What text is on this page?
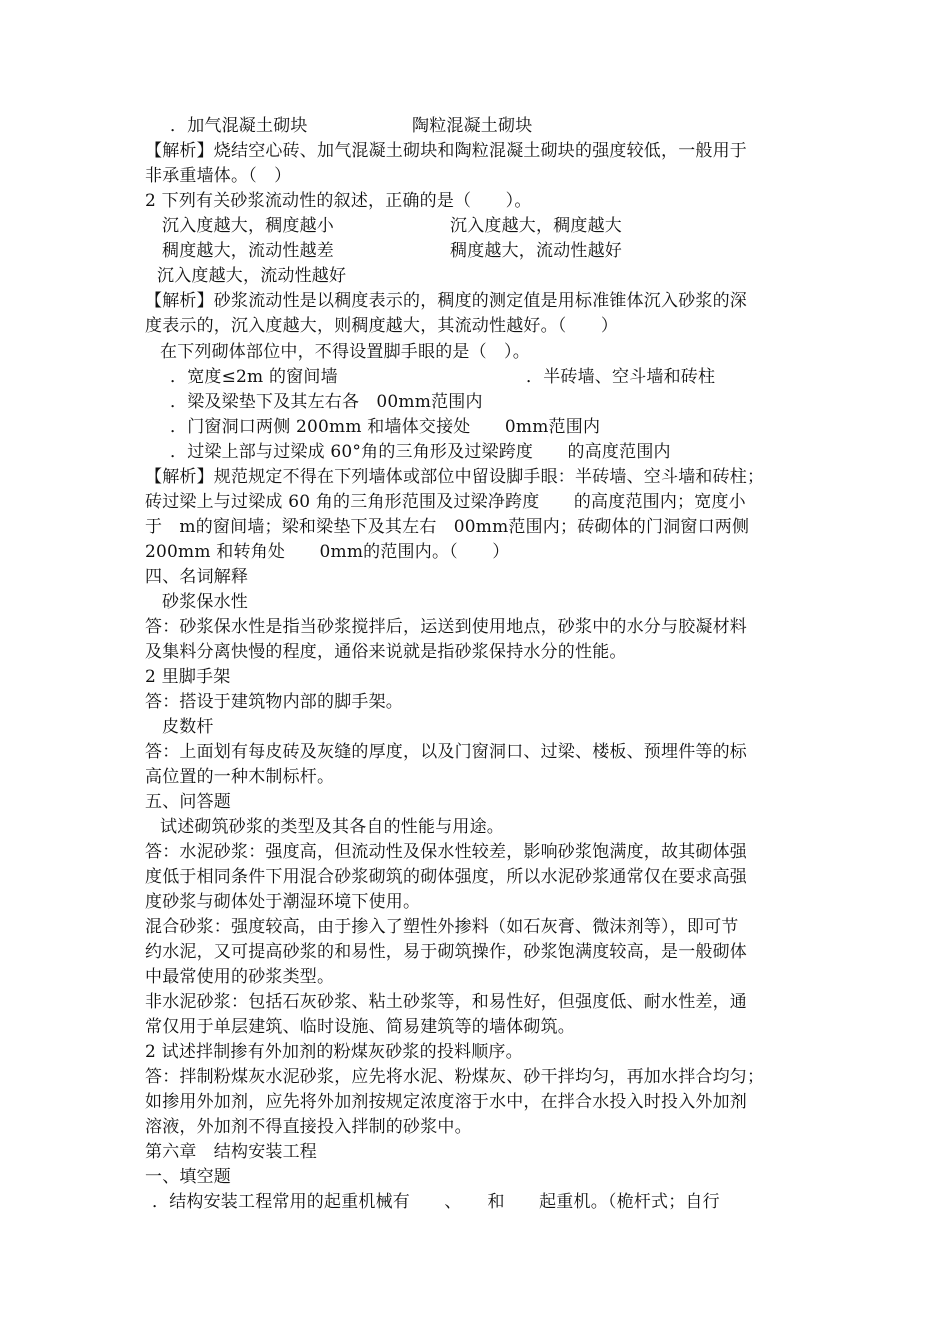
．加气混凝土砌块	陶粒混凝土砌块
【解析】烧结空心砖、加气混凝土砌块和陶粒混凝土砌块的强度较低，一般用于
非承重墙体。（　）
2 下列有关砂浆流动性的叙述，正确的是（　　）。
沉入度越大，稠度越小	沉入度越大，稠度越大
稠度越大，流动性越差	稠度越大，流动性越好
沉入度越大，流动性越好
【解析】砂浆流动性是以稠度表示的，稠度的测定值是用标准锥体沉入砂浆的深
度表示的，沉入度越大，则稠度越大，其流动性越好。（　　）
在下列砌体部位中，不得设置脚手眼的是（　）。
．宽度≤2m 的窗间墙	．半砖墙、空斗墙和砖柱
．梁及梁垫下及其左右各　00mm范围内
．门窗洞口两侧 200mm 和墙体交接处　　0mm范围内
．过梁上部与过梁成 60°角的三角形及过梁跨度　　的高度范围内
【解析】规范规定不得在下列墙体或部位中留设脚手眼：半砖墙、空斗墙和砖柱；
砖过梁上与过梁成 60 角的三角形范围及过梁净跨度　　的高度范围内；宽度小
于　m的窗间墙；梁和梁垫下及其左右　00mm范围内；砖砌体的门洞窗口两侧
200mm 和转角处　　0mm的范围内。（　　）
四、名词解释
砂浆保水性
答：砂浆保水性是指当砂浆搅拌后，运送到使用地点，砂浆中的水分与胶凝材料
及集料分离快慢的程度，通俗来说就是指砂浆保持水分的性能。
2 里脚手架
答：搭设于建筑物内部的脚手架。
皮数杆
答：上面划有每皮砖及灰缝的厚度，以及门窗洞口、过梁、楼板、预埋件等的标
高位置的一种木制标杆。
五、问答题
试述砌筑砂浆的类型及其各自的性能与用途。
答：水泥砂浆：强度高，但流动性及保水性较差，影响砂浆饱满度，故其砌体强
度低于相同条件下用混合砂浆砌筑的砌体强度，所以水泥砂浆通常仅在要求高强
度砂浆与砌体处于潮湿环境下使用。
混合砂浆：强度较高，由于掺入了塑性外掺料（如石灰膏、微沫剂等），即可节
约水泥，又可提高砂浆的和易性，易于砌筑操作，砂浆饱满度较高，是一般砌体
中最常使用的砂浆类型。
非水泥砂浆：包括石灰砂浆、粘土砂浆等，和易性好，但强度低、耐水性差，通
常仅用于单层建筑、临时设施、简易建筑等的墙体砌筑。
2 试述拌制掺有外加剂的粉煤灰砂浆的投料顺序。
答：拌制粉煤灰水泥砂浆，应先将水泥、粉煤灰、砂干拌均匀，再加水拌合均匀；
如掺用外加剂，应先将外加剂按规定浓度溶于水中，在拌合水投入时投入外加剂
溶液，外加剂不得直接投入拌制的砂浆中。
第六章　结构安装工程
一、填空题
．结构安装工程常用的起重机械有　　、　　和　　起重机。（桅杆式；自行
